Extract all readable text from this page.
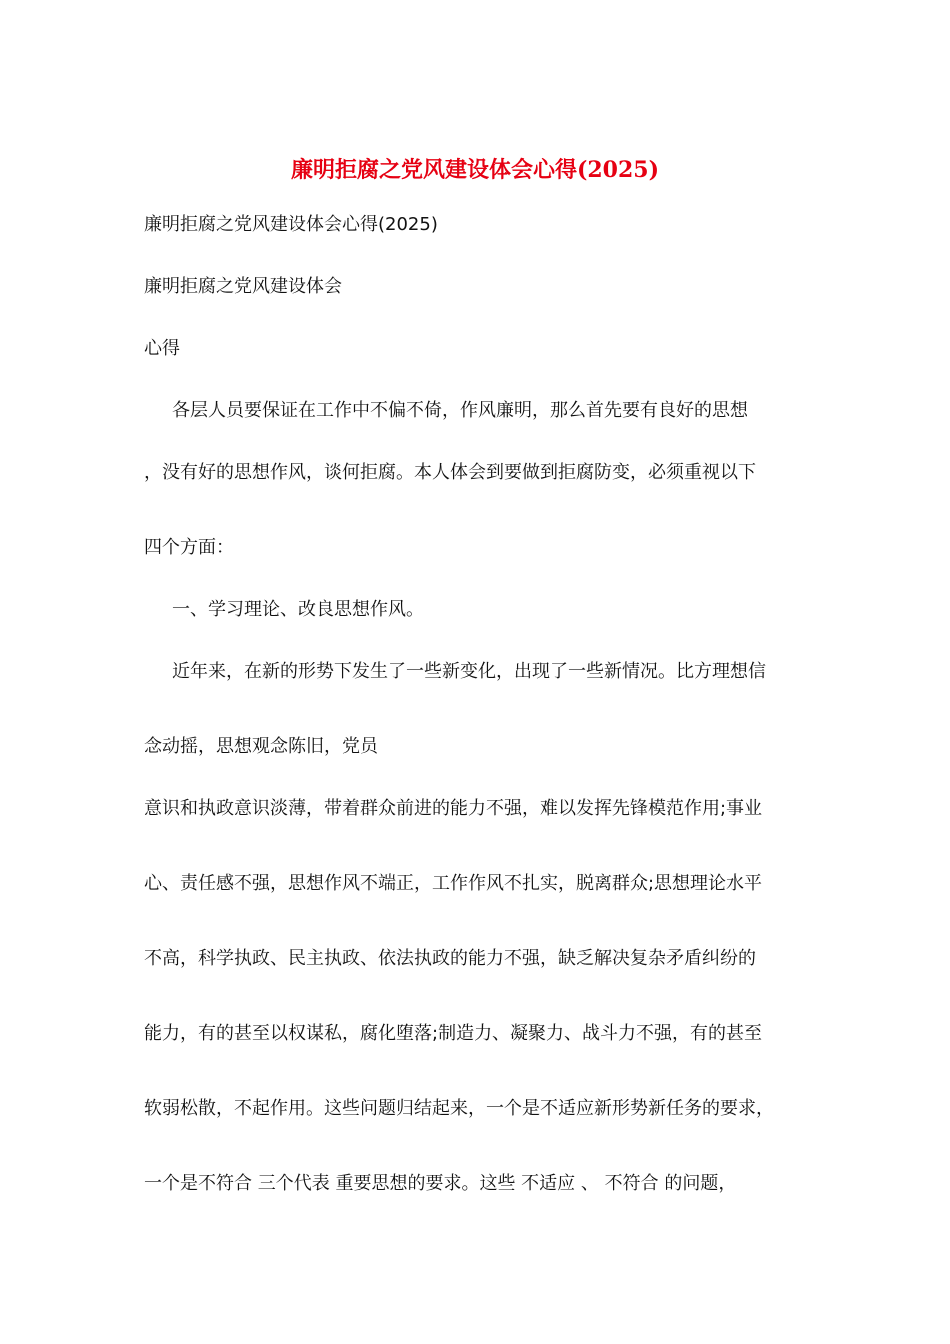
廉明拒腐之党风建设体会心得(2025)
廉明拒腐之党风建设体会心得(2025)
廉明拒腐之党风建设体会
心得
各层人员要保证在工作中不偏不倚，作风廉明，那么首先要有良好的思想
，没有好的思想作风，谈何拒腐。本人体会到要做到拒腐防变，必须重视以下
四个方面：
一、学习理论、改良思想作风。
近年来，在新的形势下发生了一些新变化，出现了一些新情况。比方理想信
念动摇，思想观念陈旧，党员
意识和执政意识淡薄，带着群众前进的能力不强，难以发挥先锋模范作用;事业
心、责任感不强，思想作风不端正，工作作风不扎实，脱离群众;思想理论水平
不高，科学执政、民主执政、依法执政的能力不强，缺乏解决复杂矛盾纠纷的
能力，有的甚至以权谋私，腐化堕落;制造力、凝聚力、战斗力不强，有的甚至
软弱松散，不起作用。这些问题归结起来，一个是不适应新形势新任务的要求，
一个是不符合 三个代表 重要思想的要求。这些 不适应 、 不符合 的问题，
